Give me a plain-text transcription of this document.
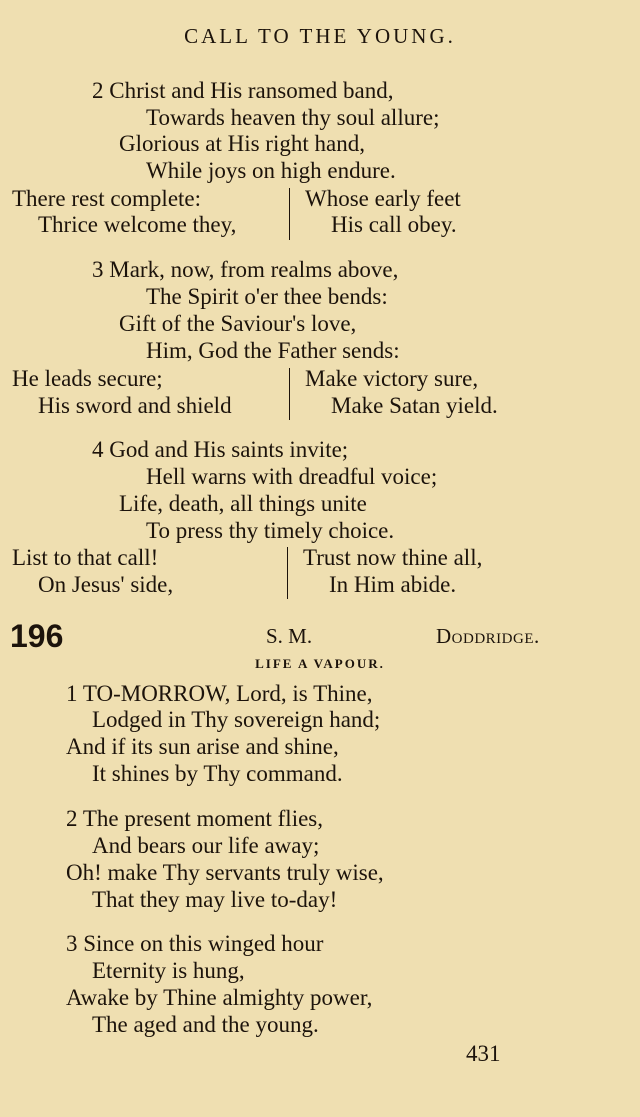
CALL TO THE YOUNG.
2 Christ and His ransomed band,
Towards heaven thy soul allure;
Glorious at His right hand,
While joys on high endure.
There rest complete:
Thrice welcome they,
Whose early feet
His call obey.
3 Mark, now, from realms above,
The Spirit o'er thee bends:
Gift of the Saviour's love,
Him, God the Father sends:
He leads secure;
His sword and shield
Make victory sure,
Make Satan yield.
4 God and His saints invite;
Hell warns with dreadful voice;
Life, death, all things unite
To press thy timely choice.
List to that call!
On Jesus' side,
Trust now thine all,
In Him abide.
196	S. M.	Doddridge.
LIFE A VAPOUR.
1 TO-MORROW, Lord, is Thine,
Lodged in Thy sovereign hand;
And if its sun arise and shine,
It shines by Thy command.
2 The present moment flies,
And bears our life away;
Oh! make Thy servants truly wise,
That they may live to-day!
3 Since on this winged hour
Eternity is hung,
Awake by Thine almighty power,
The aged and the young.
431
